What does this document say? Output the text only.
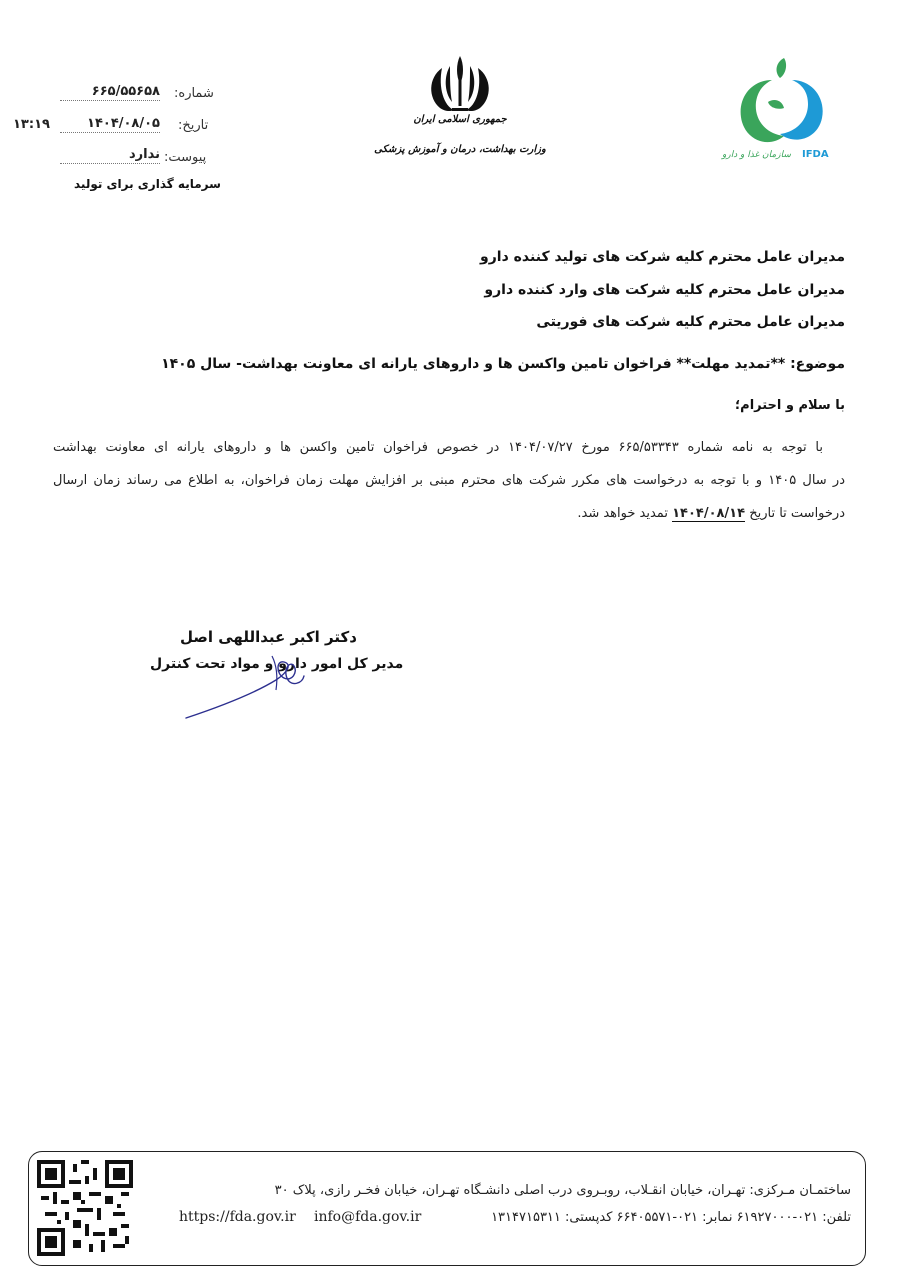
شماره:
۶۶۵/۵۵۶۵۸
تاریخ:
۱۴۰۴/۰۸/۰۵
۱۳:۱۹
پیوست:
ندارد
سرمایه گذاری برای تولید
جمهوری اسلامی ایران
وزارت بهداشت، درمان و آموزش پزشکی	سازمان غذا و دارو IFDA
مدیران عامل محترم کلیه شرکت های تولید کننده دارو
مدیران عامل محترم کلیه شرکت های وارد کننده دارو
مدیران عامل محترم کلیه شرکت های فوریتی
موضوع: **تمدید مهلت** فراخوان تامین واکسن ها و داروهای یارانه ای معاونت بهداشت- سال ۱۴۰۵
با سلام و احترام؛
با توجه به نامه شماره ۶۶۵/۵۳۳۴۳ مورخ ۱۴۰۴/۰۷/۲۷ در خصوص فراخوان تامین واکسن ها و داروهای یارانه ای معاونت بهداشت
در سال ۱۴۰۵ و با توجه به درخواست های مکرر شرکت های محترم مبنی بر افزایش مهلت زمان فراخوان، به اطلاع می رساند زمان ارسال
درخواست تا تاریخ ۱۴۰۴/۰۸/۱۴ تمدید خواهد شد.
دکتر اکبر عبداللهی اصل
مدیر کل امور دارو و مواد تحت کنترل
ساختمـان مـرکزی: تهـران، خیابان انقـلاب، روبـروی درب اصلی دانشـگاه تهـران، خیابان فخـر رازی، پلاک ۳۰
تلفن: ۰۲۱-۶۱۹۲۷۰۰۰ نمابر: ۰۲۱-۶۶۴۰۵۵۷۱ کدپستی: ۱۳۱۴۷۱۵۳۱۱
info@fda.gov.ir
https://fda.gov.ir
